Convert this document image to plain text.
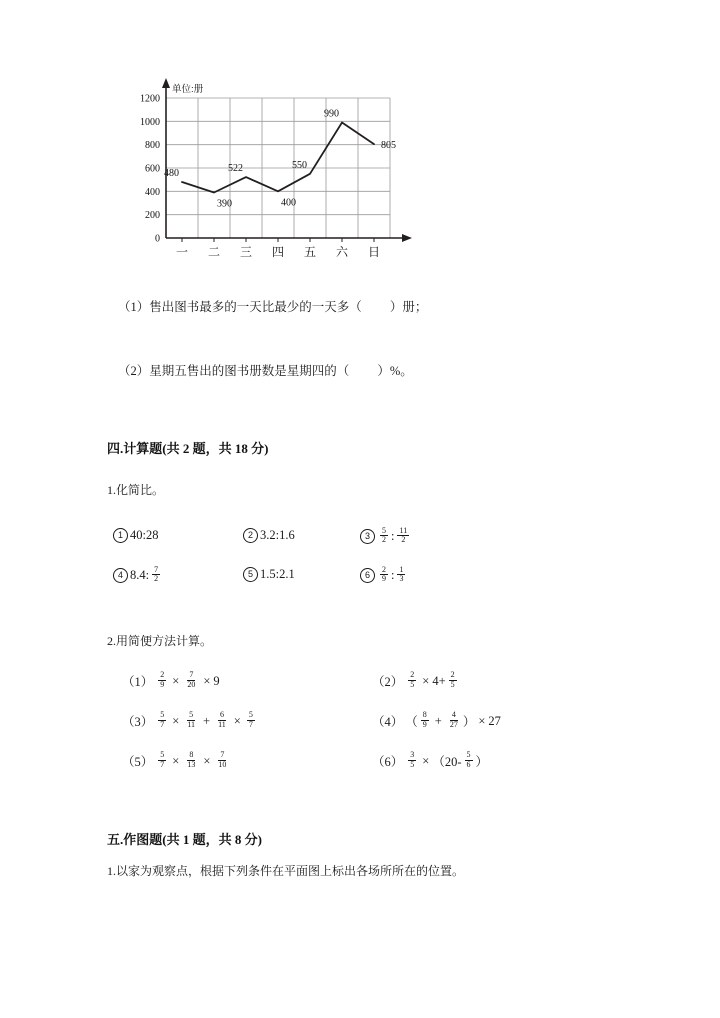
0
200
400
600
800
1000
1200
单位:册
一 二 三 四 五 六 日
480
390
522
400
550
990
805
（1）售出图书最多的一天比最少的一天多（         ）册；
（2）星期五售出的图书册数是星期四的（         ）%。
四.计算题(共 2 题，共 18 分)
1.化简比。
1 40:28	2 3.2:1.6	3	$\frac{5}{2}$ : $\frac{11}{2}$
4 8.4: $\frac{7}{2}$	5 1.5:2.1	6	$\frac{2}{9}$ : $\frac{1}{3}$
2.用简便方法计算。
$(1) \frac{2}{9} \times \frac{7}{20} \times 9$	$(2) \frac{2}{5} \times 4+ \frac{2}{5}$
$(3) \frac{5}{7} \times \frac{5}{11} + \frac{6}{11} \times \frac{5}{7}$	（4） （ $\frac{8}{9} + \frac{4}{27}$ ） × 27
$(5) \frac{5}{7} \times \frac{8}{13} \times \frac{7}{10}$	$(6) \frac{3}{5} \times (20- \frac{5}{6}$ ）
五.作图题(共 1 题，共 8 分)
1.以家为观察点，根据下列条件在平面图上标出各场所所在的位置。
